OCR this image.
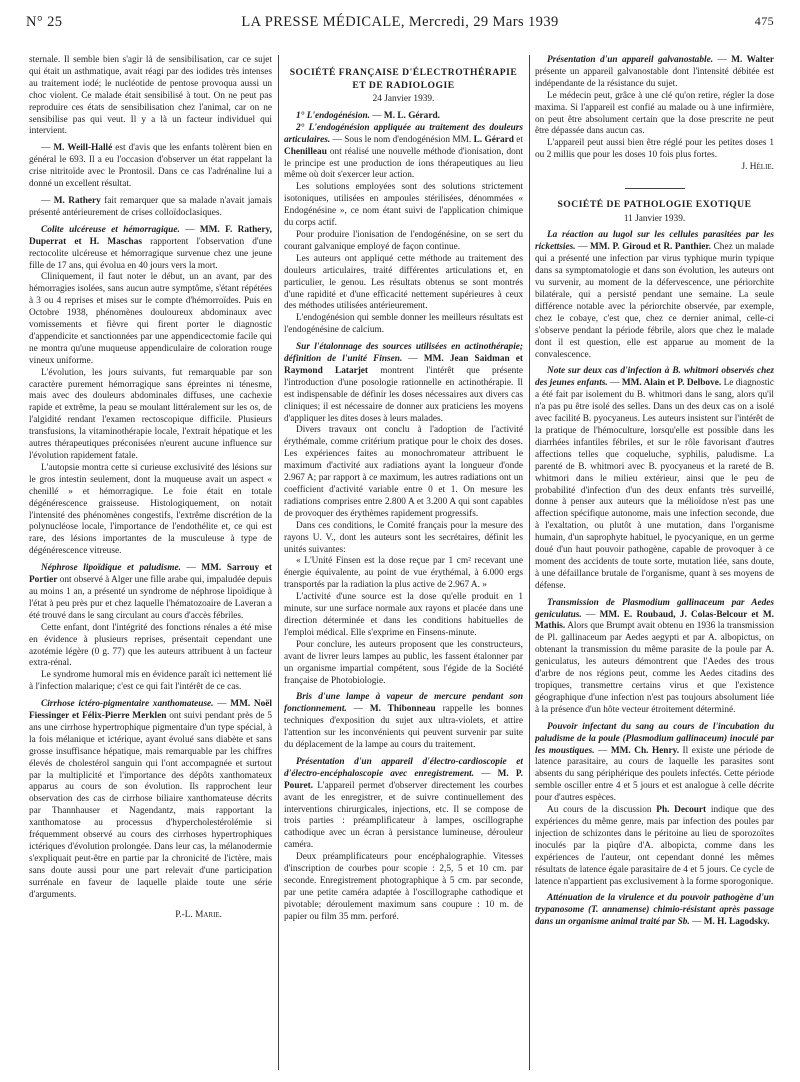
N° 25	LA PRESSE MÉDICALE, Mercredi, 29 Mars 1939	475

sternale. Il semble bien s'agir là de sensibilisation, car ce sujet qui était un asthmatique, avait réagi par des iodides très intenses au traitement iodé; le nucléotide de pentose provoqua aussi un choc violent. Ce malade était sensibilisé à tout. On ne peut pas reproduire ces états de sensibilisation chez l'animal, car on ne sensibilise pas qui veut. Il y a là un facteur individuel qui intervient.

— M. Weill-Hallé est d'avis que les enfants tolèrent bien en général le 693. Il a eu l'occasion d'observer un état rappelant la crise nitritoïde avec le Prontosil. Dans ce cas l'adrénaline lui a donné un excellent résultat.

— M. Rathery fait remarquer que sa malade n'avait jamais présenté antérieurement de crises colloïdoclasiques.

Colite ulcéreuse et hémorragique. — MM. F. Rathery, Duperrat et H. Maschas rapportent l'observation d'une rectocolite ulcéreuse et hémorragique survenue chez une jeune fille de 17 ans, qui évolua en 40 jours vers la mort.

Cliniquement, il faut noter le début, un an avant, par des hémorragies isolées, sans aucun autre symptôme, s'étant répétées à 3 ou 4 reprises et mises sur le compte d'hémorroïdes. Puis en Octobre 1938, phénomènes douloureux abdominaux avec vomissements et fièvre qui firent porter le diagnostic d'appendicite et sanctionnées par une appendicectomie facile qui ne montra qu'une muqueuse appendiculaire de coloration rouge vineux uniforme.

L'évolution, les jours suivants, fut remarquable par son caractère purement hémorragique sans épreintes ni ténesme, mais avec des douleurs abdominales diffuses, une cachexie rapide et extrême, la peau se moulant littéralement sur les os, de l'algidité rendant l'examen rectoscopique difficile. Plusieurs transfusions, la vitaminothérapie locale, l'extrait hépatique et les autres thérapeutiques préconisées n'eurent aucune influence sur l'évolution rapidement fatale.

L'autopsie montra cette si curieuse exclusivité des lésions sur le gros intestin seulement, dont la muqueuse avait un aspect « chenillé » et hémorragique. Le foie était en totale dégénérescence graisseuse. Histologiquement, on notait l'intensité des phénomènes congestifs, l'extrême discrétion de la polynucléose locale, l'importance de l'endothélite et, ce qui est rare, des lésions importantes de la musculeuse à type de dégénérescence vitreuse.

Néphrose lipoïdique et paludisme. — MM. Sarrouy et Portier ont observé à Alger une fille arabe qui, impaludée depuis au moins 1 an, a présenté un syndrome de néphrose lipoïdique à l'état à peu près pur et chez laquelle l'hématozoaire de Laveran a été trouvé dans le sang circulant au cours d'accès fébriles.

Cette enfant, dont l'intégrité des fonctions rénales a été mise en évidence à plusieurs reprises, présentait cependant une azotémie légère (0 g. 77) que les auteurs attribuent à un facteur extra-rénal.

Le syndrome humoral mis en évidence paraît ici nettement lié à l'infection malarique; c'est ce qui fait l'intérêt de ce cas.

Cirrhose ictéro-pigmentaire xanthomateuse. — MM. Noël Fiessinger et Félix-Pierre Merklen ont suivi pendant près de 5 ans une cirrhose hypertrophique pigmentaire d'un type spécial, à la fois mélanique et ictérique, ayant évolué sans diabète et sans grosse insuffisance hépatique, mais remarquable par les chiffres élevés de cholestérol sanguin qui l'ont accompagnée et surtout par la multiplicité et l'importance des dépôts xanthomateux apparus au cours de son évolution. Ils rapprochent leur observation des cas de cirrhose biliaire xanthomateuse décrits par Thannhauser et Nagendantz, mais rapportant la xanthomatose au processus d'hypercholestérolémie si fréquemment observé au cours des cirrhoses hypertrophiques ictériques d'évolution prolongée. Dans leur cas, la mélanodermie s'expliquait peut-être en partie par la chronicité de l'ictère, mais sans doute aussi pour une part relevait d'une participation surrénale en faveur de laquelle plaide toute une série d'arguments.

P.-L. Marie.

SOCIÉTÉ FRANÇAISE D'ÉLECTROTHÉRAPIE ET DE RADIOLOGIE

24 Janvier 1939.

1° L'endogénésion. — M. L. Gérard.

2° L'endogénésion appliquée au traitement des douleurs articulaires. — Sous le nom d'endogénésion MM. L. Gérard et Chenilleau ont réalisé une nouvelle méthode d'ionisation, dont le principe est une production de ions thérapeutiques au lieu même où doit s'exercer leur action.

Les solutions employées sont des solutions strictement isotoniques, utilisées en ampoules stérilisées, dénommées « Endogénésine », ce nom étant suivi de l'application chimique du corps actif.

Pour produire l'ionisation de l'endogénésine, on se sert du courant galvanique employé de façon continue.

Les auteurs ont appliqué cette méthode au traitement des douleurs articulaires, traité différentes articulations et, en particulier, le genou. Les résultats obtenus se sont montrés d'une rapidité et d'une efficacité nettement supérieures à ceux des méthodes utilisées antérieurement.

L'endogénésion qui semble donner les meilleurs résultats est l'endogénésine de calcium.

Sur l'étalonnage des sources utilisées en actinothérapie; définition de l'unité Finsen. — MM. Jean Saidman et Raymond Latarjet montrent l'intérêt que présente l'introduction d'une posologie rationnelle en actinothérapie. Il est indispensable de définir les doses nécessaires aux divers cas cliniques; il est nécessaire de donner aux praticiens les moyens d'appliquer les dites doses à leurs malades.

Divers travaux ont conclu à l'adoption de l'activité érythémale, comme critérium pratique pour le choix des doses. Les expériences faites au monochromateur attribuent le maximum d'activité aux radiations ayant la longueur d'onde 2.967 A; par rapport à ce maximum, les autres radiations ont un coefficient d'activité variable entre 0 et 1. On mesure les radiations comprises entre 2.800 A et 3.200 A qui sont capables de provoquer des érythèmes rapidement progressifs.

Dans ces conditions, le Comité français pour la mesure des rayons U. V., dont les auteurs sont les secrétaires, définit les unités suivantes:

« L'Unité Finsen est la dose reçue par 1 cm² recevant une énergie équivalente, au point de vue érythémal, à 6.000 ergs transportés par la radiation la plus active de 2.967 A. »

L'activité d'une source est la dose qu'elle produit en 1 minute, sur une surface normale aux rayons et placée dans une direction déterminée et dans les conditions habituelles de l'emploi médical. Elle s'exprime en Finsens-minute.

Pour conclure, les auteurs proposent que les constructeurs, avant de livrer leurs lampes au public, les fassent étalonner par un organisme impartial compétent, sous l'égide de la Société française de Photobiologie.

Bris d'une lampe à vapeur de mercure pendant son fonctionnement. — M. Thibonneau rappelle les bonnes techniques d'exposition du sujet aux ultra-violets, et attire l'attention sur les inconvénients qui peuvent survenir par suite du déplacement de la lampe au cours du traitement.

Présentation d'un appareil d'électro-cardioscopie et d'électro-encéphaloscopie avec enregistrement. — M. P. Pouret. L'appareil permet d'observer directement les courbes avant de les enregistrer, et de suivre continuellement des interventions chirurgicales, injections, etc. Il se compose de trois parties : préamplificateur à lampes, oscillographe cathodique avec un écran à persistance lumineuse, dérouleur caméra.

Deux préamplificateurs pour encéphalographie. Vitesses d'inscription de courbes pour scopie : 2,5, 5 et 10 cm. par seconde. Enregistrement photographique à 5 cm. par seconde, par une petite caméra adaptée à l'oscillographe cathodique et pivotable; déroulement maximum sans coupure : 10 m. de papier ou film 35 mm. perforé.

Présentation d'un appareil galvanostable. — M. Walter présente un appareil galvanostable dont l'intensité débitée est indépendante de la résistance du sujet.

Le médecin peut, grâce à une clé qu'on retire, régler la dose maxima. Si l'appareil est confié au malade ou à une infirmière, on peut être absolument certain que la dose prescrite ne peut être dépassée dans aucun cas.

L'appareil peut aussi bien être réglé pour les petites doses 1 ou 2 millis que pour les doses 10 fois plus fortes.

J. Hélie.

SOCIÉTÉ DE PATHOLOGIE EXOTIQUE

11 Janvier 1939.

La réaction au lugol sur les cellules parasitées par les rickettsies. — MM. P. Giroud et R. Panthier. Chez un malade qui a présenté une infection par virus typhique murin typique dans sa symptomatologie et dans son évolution, les auteurs ont vu survenir, au moment de la défervescence, une périorchite bilatérale, qui a persisté pendant une semaine. La seule différence notable avec la périorchite observée, par exemple, chez le cobaye, c'est que, chez ce dernier animal, celle-ci s'observe pendant la période fébrile, alors que chez le malade dont il est question, elle est apparue au moment de la convalescence.

Note sur deux cas d'infection à B. whitmori observés chez des jeunes enfants. — MM. Alain et P. Delbove. Le diagnostic a été fait par isolement du B. whitmori dans le sang, alors qu'il n'a pas pu être isolé des selles. Dans un des deux cas on a isolé avec facilité B. pyocyaneus. Les auteurs insistent sur l'intérêt de la pratique de l'hémoculture, lorsqu'elle est possible dans les diarrhées infantiles fébriles, et sur le rôle favorisant d'autres affections telles que coqueluche, syphilis, paludisme. La parenté de B. whitmori avec B. pyocyaneus et la rareté de B. whitmori dans le milieu extérieur, ainsi que le peu de probabilité d'infection d'un des deux enfants très surveillé, donne à penser aux auteurs que la mélioïdose n'est pas une affection spécifique autonome, mais une infection seconde, due à l'exaltation, ou plutôt à une mutation, dans l'organisme humain, d'un saprophyte habituel, le pyocyanique, en un germe doué d'un haut pouvoir pathogène, capable de provoquer à ce moment des accidents de toute sorte, mutation liée, sans doute, à une défaillance brutale de l'organisme, quant à ses moyens de défense.

Transmission de Plasmodium gallinaceum par Aedes geniculatus. — MM. E. Roubaud, J. Colas-Belcour et M. Mathis. Alors que Brumpt avait obtenu en 1936 la transmission de Pl. gallinaceum par Aedes aegypti et par A. albopictus, on obtenant la transmission du même parasite de la poule par A. geniculatus, les auteurs démontrent que l'Aedes des trous d'arbre de nos régions peut, comme les Aedes citadins des tropiques, transmettre certains virus et que l'existence géographique d'une infection n'est pas toujours absolument liée à la présence d'un hôte vecteur étroitement déterminé.

Pouvoir infectant du sang au cours de l'incubation du paludisme de la poule (Plasmodium gallinaceum) inoculé par les moustiques. — MM. Ch. Henry. Il existe une période de latence parasitaire, au cours de laquelle les parasites sont absents du sang périphérique des poulets infectés. Cette période semble osciller entre 4 et 5 jours et est analogue à celle décrite pour d'autres espèces.

Au cours de la discussion Ph. Decourt indique que des expériences du même genre, mais par infection des poules par injection de schizontes dans le péritoine au lieu de sporozoïtes inoculés par la piqûre d'A. albopicta, comme dans les expériences de l'auteur, ont cependant donné les mêmes résultats de latence égale parasitaire de 4 et 5 jours. Ce cycle de latence n'appartient pas exclusivement à la forme sporogonique.

Atténuation de la virulence et du pouvoir pathogène d'un trypanosome (T. annamense) chimio-résistant après passage dans un organisme animal traité par Sb. — M. H. Lagodsky.
